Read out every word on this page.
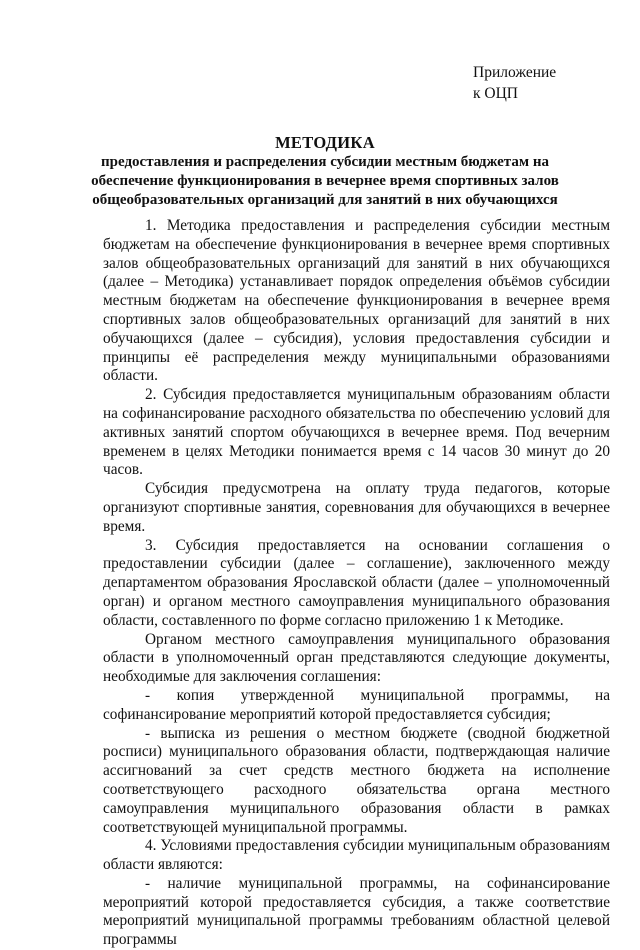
Приложение
к ОЦП
МЕТОДИКА
предоставления и распределения субсидии местным бюджетам на
обеспечение функционирования в вечернее время спортивных залов
общеобразовательных организаций для занятий в них обучающихся

1. Методика предоставления и распределения субсидии местным бюджетам на обеспечение функционирования в вечернее время спортивных залов общеобразовательных организаций для занятий в них обучающихся (далее – Методика) устанавливает порядок определения объёмов субсидии местным бюджетам на обеспечение функционирования в вечернее время спортивных залов общеобразовательных организаций для занятий в них обучающихся (далее – субсидия), условия предоставления субсидии и принципы её распределения между муниципальными образованиями области.

2. Субсидия предоставляется муниципальным образованиям области на софинансирование расходного обязательства по обеспечению условий для активных занятий спортом обучающихся в вечернее время. Под вечерним временем в целях Методики понимается время с 14 часов 30 минут до 20 часов.

Субсидия предусмотрена на оплату труда педагогов, которые организуют спортивные занятия, соревнования для обучающихся в вечернее время.

3. Субсидия предоставляется на основании соглашения о предоставлении субсидии (далее – соглашение), заключенного между департаментом образования Ярославской области (далее – уполномоченный орган) и органом местного самоуправления муниципального образования области, составленного по форме согласно приложению 1 к Методике.

Органом местного самоуправления муниципального образования области в уполномоченный орган представляются следующие документы, необходимые для заключения соглашения:

- копия утвержденной муниципальной программы, на софинансирование мероприятий которой предоставляется субсидия;

- выписка из решения о местном бюджете (сводной бюджетной росписи) муниципального образования области, подтверждающая наличие ассигнований за счет средств местного бюджета на исполнение соответствующего расходного обязательства органа местного самоуправления муниципального образования области в рамках соответствующей муниципальной программы.

4. Условиями предоставления субсидии муниципальным образованиям области являются:

- наличие муниципальной программы, на софинансирование мероприятий которой предоставляется субсидия, а также соответствие мероприятий муниципальной программы требованиям областной целевой программы
